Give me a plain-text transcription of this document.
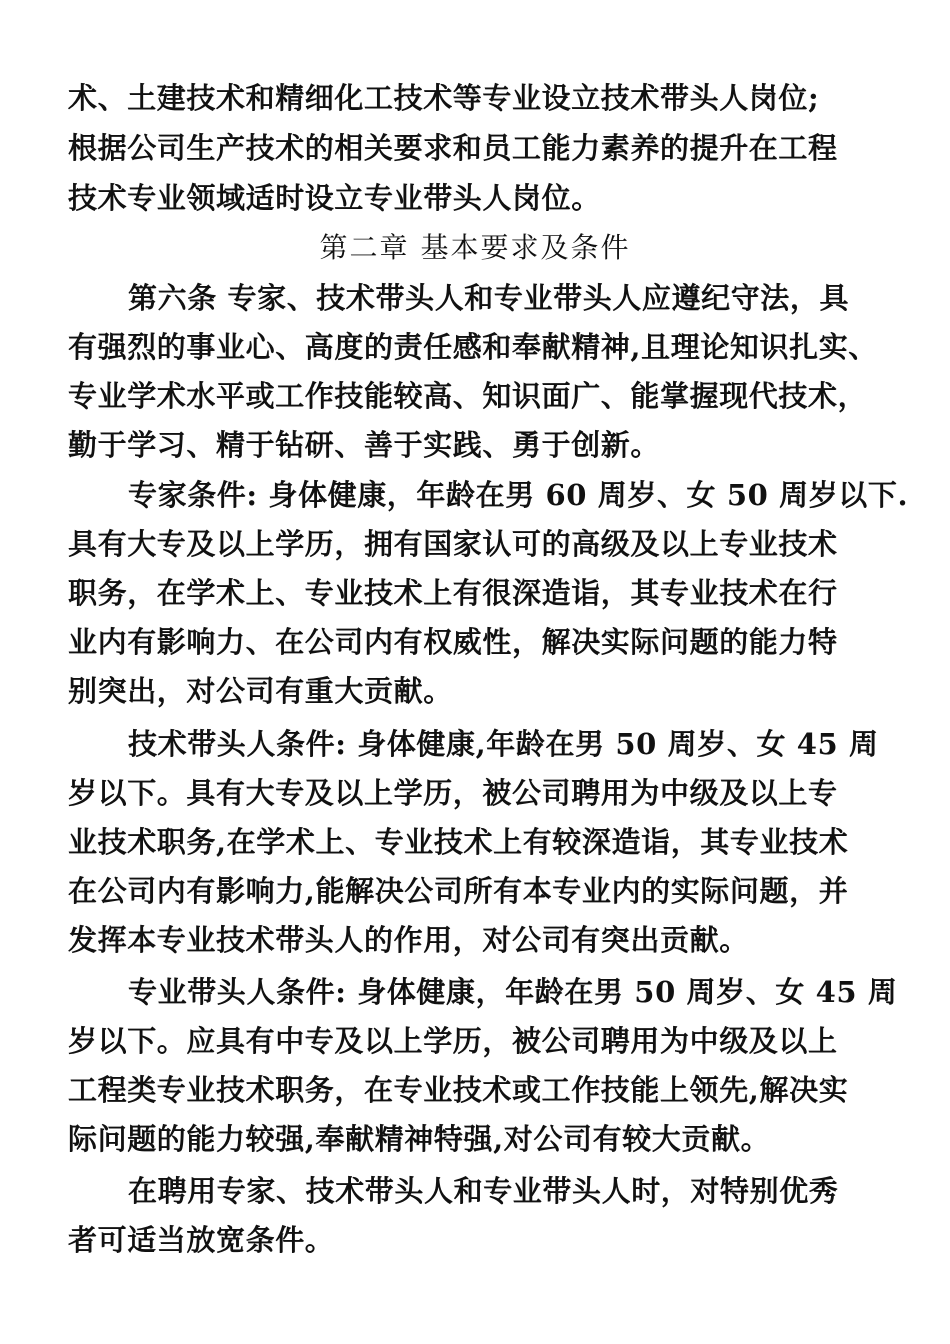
术、土建技术和精细化工技术等专业设立技术带头人岗位;
根据公司生产技术的相关要求和员工能力素养的提升在工程
技术专业领域适时设立专业带头人岗位。
第二章 基本要求及条件
第六条 专家、技术带头人和专业带头人应遵纪守法，具
有强烈的事业心、高度的责任感和奉献精神,且理论知识扎实、
专业学术水平或工作技能较高、知识面广、能掌握现代技术，
勤于学习、精于钻研、善于实践、勇于创新。
专家条件: 身体健康，年龄在男 60 周岁、女 50 周岁以下.
具有大专及以上学历，拥有国家认可的高级及以上专业技术
职务，在学术上、专业技术上有很深造诣，其专业技术在行
业内有影响力、在公司内有权威性，解决实际问题的能力特
别突出，对公司有重大贡献。
技术带头人条件: 身体健康,年龄在男 50 周岁、女 45 周
岁以下。具有大专及以上学历，被公司聘用为中级及以上专
业技术职务,在学术上、专业技术上有较深造诣，其专业技术
在公司内有影响力,能解决公司所有本专业内的实际问题，并
发挥本专业技术带头人的作用，对公司有突出贡献。
专业带头人条件: 身体健康，年龄在男 50 周岁、女 45 周
岁以下。应具有中专及以上学历，被公司聘用为中级及以上
工程类专业技术职务，在专业技术或工作技能上领先,解决实
际问题的能力较强,奉献精神特强,对公司有较大贡献。
在聘用专家、技术带头人和专业带头人时，对特别优秀
者可适当放宽条件。
